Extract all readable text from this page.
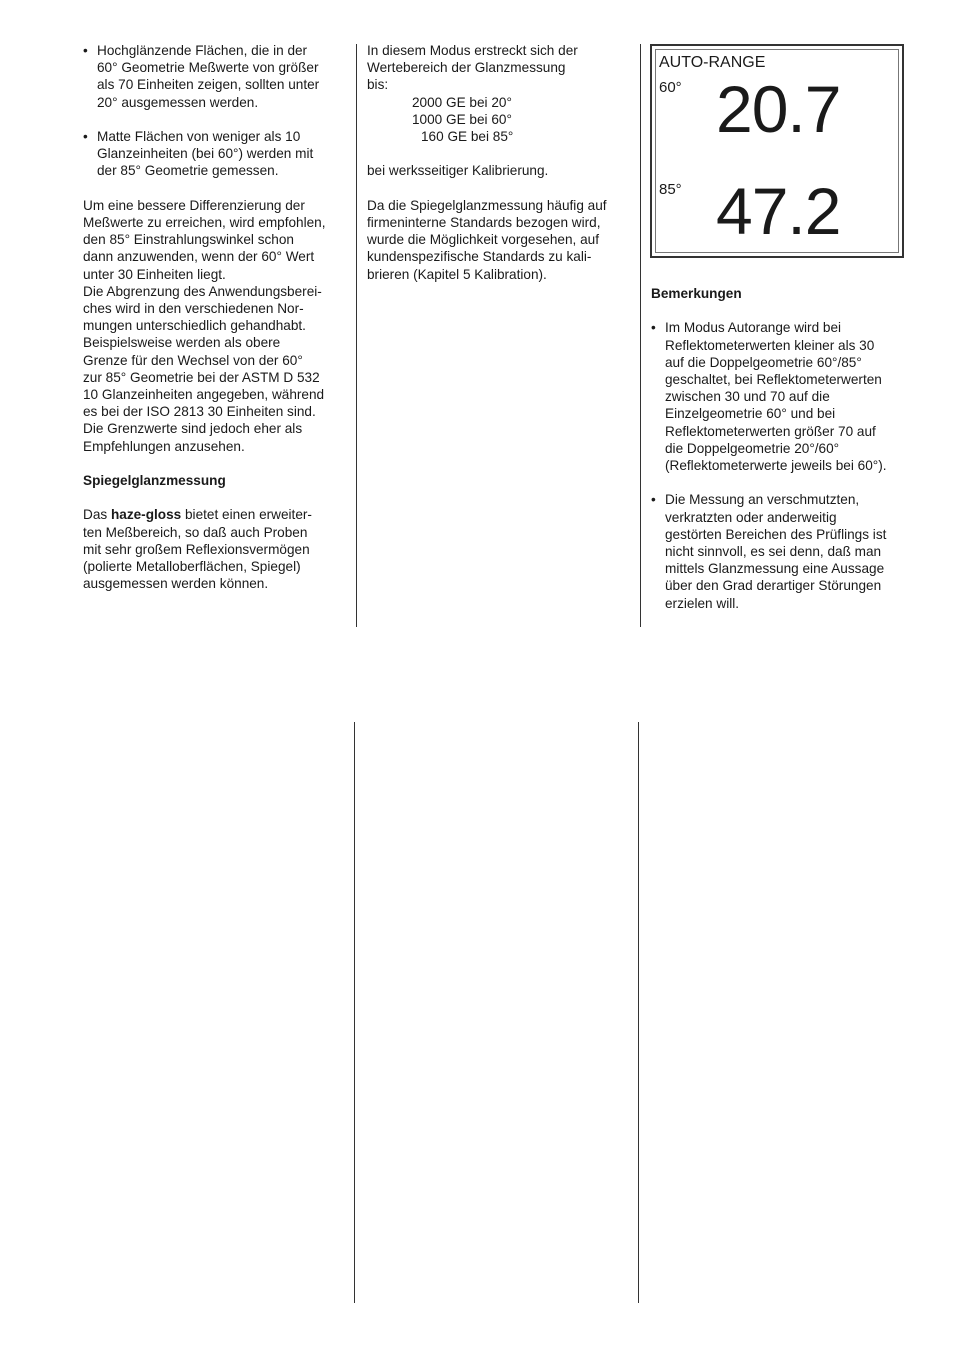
• Hochglänzende Flächen, die in der

60° Geometrie Meßwerte von größer

als 70 Einheiten zeigen, sollten unter

20° ausgemessen werden.

• Matte Flächen von weniger als 10

Glanzeinheiten (bei 60°) werden mit

der 85° Geometrie gemessen.

Um eine bessere Differenzierung der

Meßwerte zu erreichen, wird empfohlen,

den 85° Einstrahlungswinkel schon

dann anzuwenden, wenn der 60° Wert

unter 30 Einheiten liegt.

Die Abgrenzung des Anwendungsberei-

ches wird in den verschiedenen Nor-

mungen unterschiedlich gehandhabt.

Beispielsweise werden als obere

Grenze für den Wechsel von der 60°

zur 85° Geometrie bei der ASTM D 532

10 Glanzeinheiten angegeben, während

es bei der ISO 2813 30 Einheiten sind.

Die Grenzwerte sind jedoch eher als

Empfehlungen anzusehen.

Spiegelglanzmessung

Das haze-gloss bietet einen erweiter-

ten Meßbereich, so daß auch Proben

mit sehr großem Reflexionsvermögen

(polierte Metalloberflächen, Spiegel)

ausgemessen werden können.

In diesem Modus erstreckt sich der

Wertebereich der Glanzmessung

bis:

2000 GE bei 20°

1000 GE bei 60°

160 GE bei 85°

bei werksseitiger Kalibrierung.

Da die Spiegelglanzmessung häufig auf

firmeninterne Standards bezogen wird,

wurde die Möglichkeit vorgesehen, auf

kundenspezifische Standards zu kali-

brieren (Kapitel 5 Kalibration).

AUTO-RANGE
60° 20.7
85° 47.2

Bemerkungen

• Im Modus Autorange wird bei

Reflektometerwerten kleiner als 30

auf die Doppelgeometrie 60°/85°

geschaltet, bei Reflektometerwerten

zwischen 30 und 70 auf die

Einzelgeometrie 60° und bei

Reflektometerwerten größer 70 auf

die Doppelgeometrie 20°/60°

(Reflektometerwerte jeweils bei 60°).

• Die Messung an verschmutzten,

verkratzten oder anderweitig

gestörten Bereichen des Prüflings ist

nicht sinnvoll, es sei denn, daß man

mittels Glanzmessung eine Aussage

über den Grad derartiger Störungen

erzielen will.
